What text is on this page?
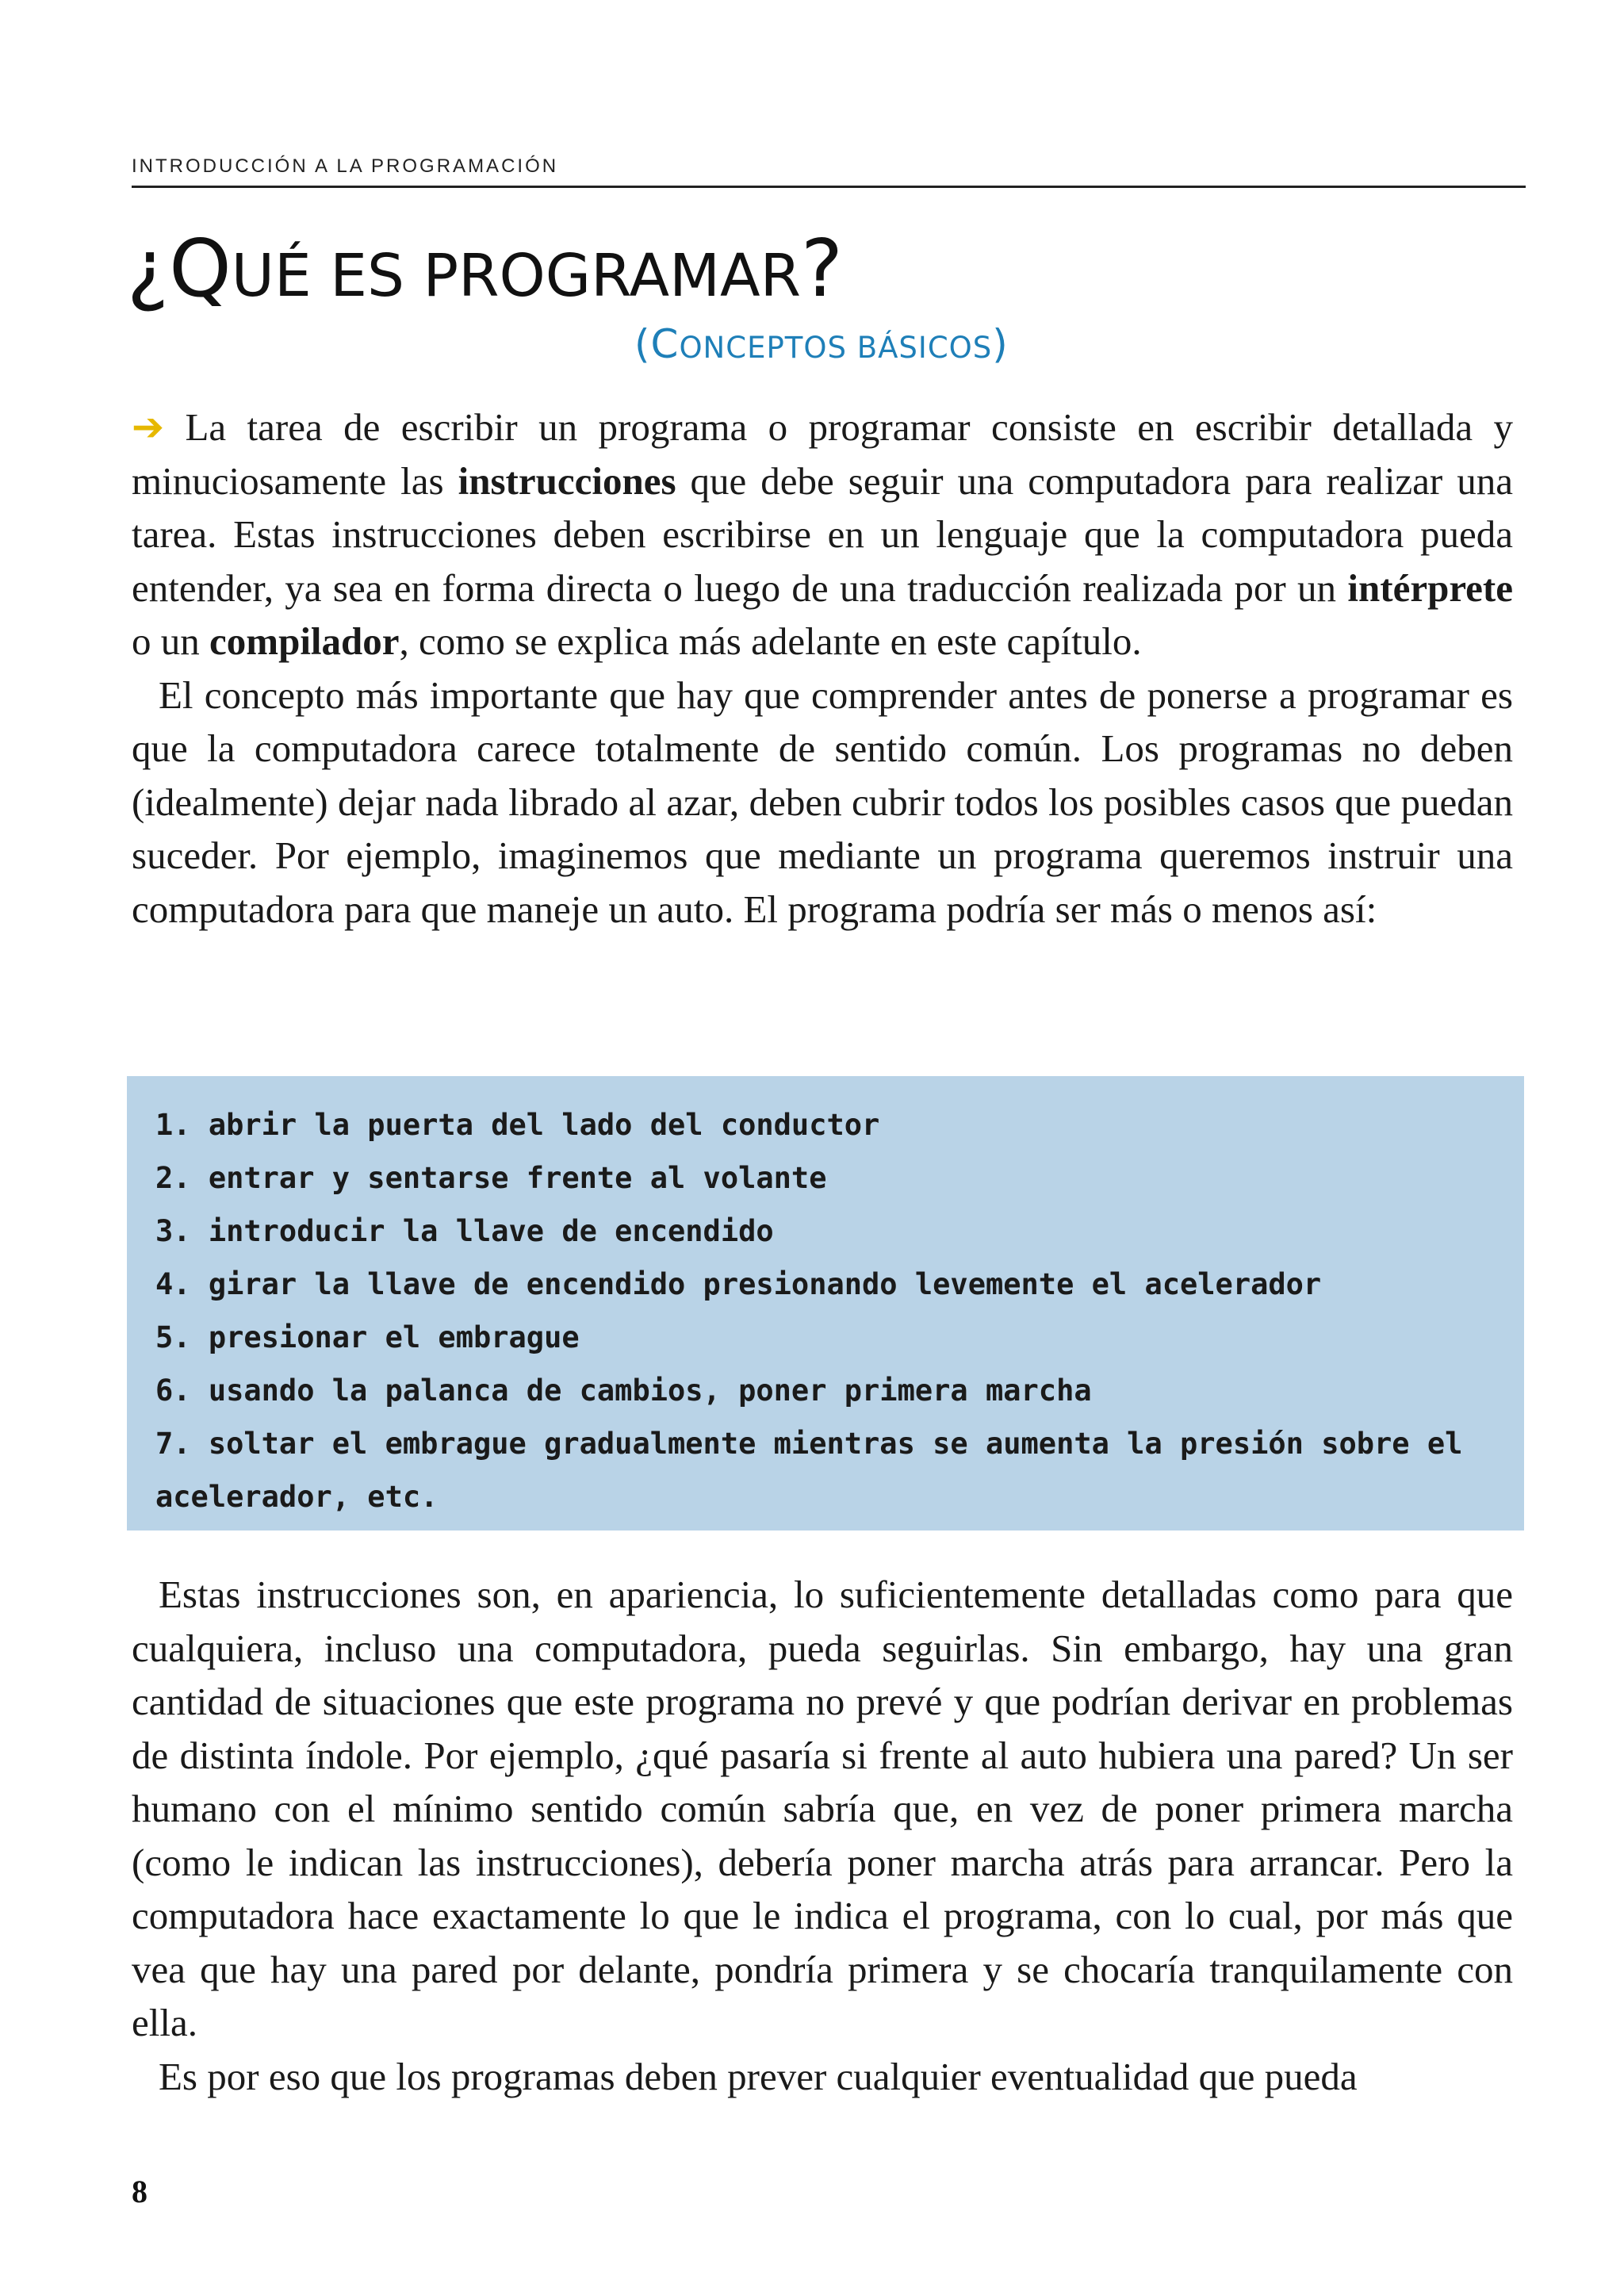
INTRODUCCIÓN A LA PROGRAMACIÓN
¿QUÉ ES PROGRAMAR?
(CONCEPTOS BÁSICOS)

➔ La tarea de escribir un programa o programar consiste en escribir detallada y minuciosamente las instrucciones que debe seguir una computadora para realizar una tarea. Estas instrucciones deben escribirse en un lenguaje que la computadora pueda entender, ya sea en forma directa o luego de una traducción realizada por un intérprete o un compilador, como se explica más adelante en este capítulo.

El concepto más importante que hay que comprender antes de ponerse a programar es que la computadora carece totalmente de sentido común. Los programas no deben (idealmente) dejar nada librado al azar, deben cubrir todos los posibles casos que puedan suceder. Por ejemplo, imaginemos que mediante un programa queremos instruir una computadora para que maneje un auto. El programa podría ser más o menos así:

1. abrir la puerta del lado del conductor
2. entrar y sentarse frente al volante
3. introducir la llave de encendido
4. girar la llave de encendido presionando levemente el acelerador
5. presionar el embrague
6. usando la palanca de cambios, poner primera marcha
7. soltar el embrague gradualmente mientras se aumenta la presión sobre el acelerador, etc.

Estas instrucciones son, en apariencia, lo suficientemente detalladas como para que cualquiera, incluso una computadora, pueda seguirlas. Sin embargo, hay una gran cantidad de situaciones que este programa no prevé y que podrían derivar en problemas de distinta índole. Por ejemplo, ¿qué pasaría si frente al auto hubiera una pared? Un ser humano con el mínimo sentido común sabría que, en vez de poner primera marcha (como le indican las instrucciones), debería poner marcha atrás para arrancar. Pero la computadora hace exactamente lo que le indica el programa, con lo cual, por más que vea que hay una pared por delante, pondría primera y se chocaría tranquilamente con ella.

Es por eso que los programas deben prever cualquier eventualidad que pueda

8
